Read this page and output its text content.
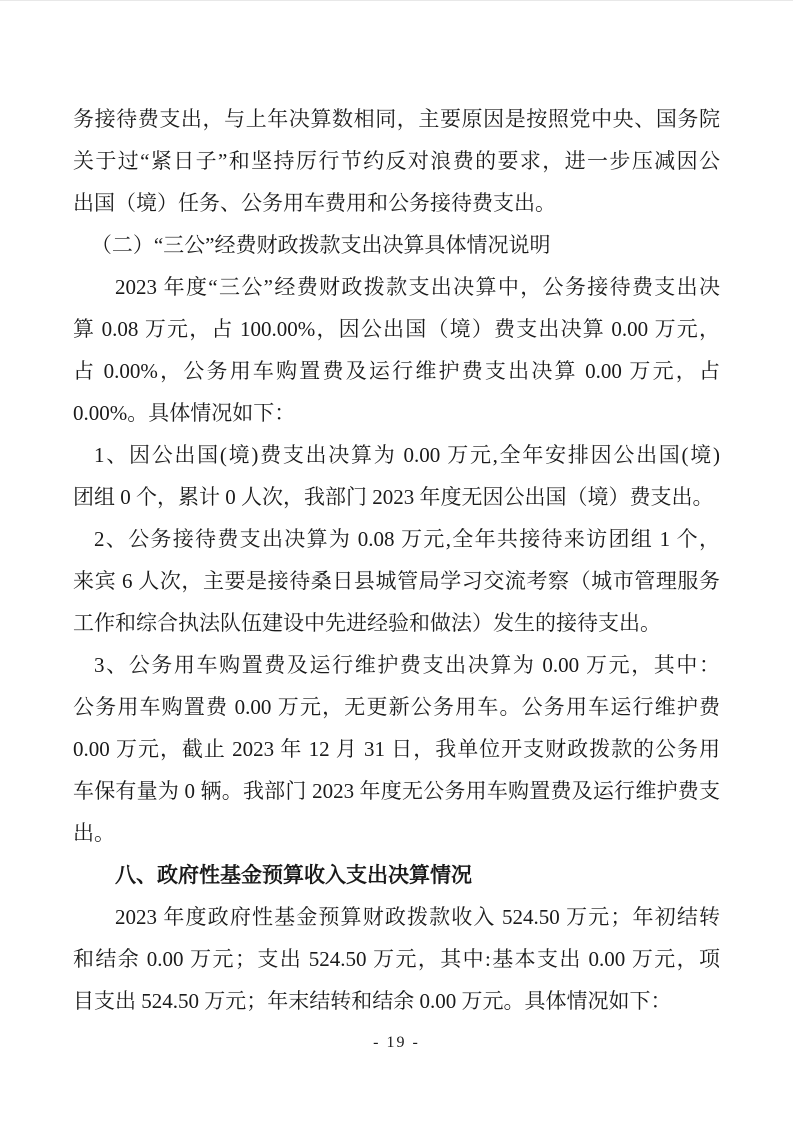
务接待费支出，与上年决算数相同，主要原因是按照党中央、国务院
关于过“紧日子”和坚持厉行节约反对浪费的要求，进一步压减因公
出国（境）任务、公务用车费用和公务接待费支出。
（二）“三公”经费财政拨款支出决算具体情况说明
2023 年度“三公”经费财政拨款支出决算中，公务接待费支出决
算 0.08 万元，占 100.00%，因公出国（境）费支出决算 0.00 万元，
占 0.00%，公务用车购置费及运行维护费支出决算 0.00 万元，占
0.00%。具体情况如下：
1、因公出国(境)费支出决算为 0.00 万元,全年安排因公出国(境)
团组 0 个，累计 0 人次，我部门 2023 年度无因公出国（境）费支出。
2、公务接待费支出决算为 0.08 万元,全年共接待来访团组 1 个，
来宾 6 人次，主要是接待桑日县城管局学习交流考察（城市管理服务
工作和综合执法队伍建设中先进经验和做法）发生的接待支出。
3、公务用车购置费及运行维护费支出决算为 0.00 万元，其中：
公务用车购置费 0.00 万元，无更新公务用车。公务用车运行维护费
0.00 万元，截止 2023 年 12 月 31 日，我单位开支财政拨款的公务用
车保有量为 0 辆。我部门 2023 年度无公务用车购置费及运行维护费支
出。
八、政府性基金预算收入支出决算情况
2023 年度政府性基金预算财政拨款收入 524.50 万元；年初结转
和结余 0.00 万元；支出 524.50 万元，其中:基本支出 0.00 万元，项
目支出 524.50 万元；年末结转和结余 0.00 万元。具体情况如下：
- 19 -
